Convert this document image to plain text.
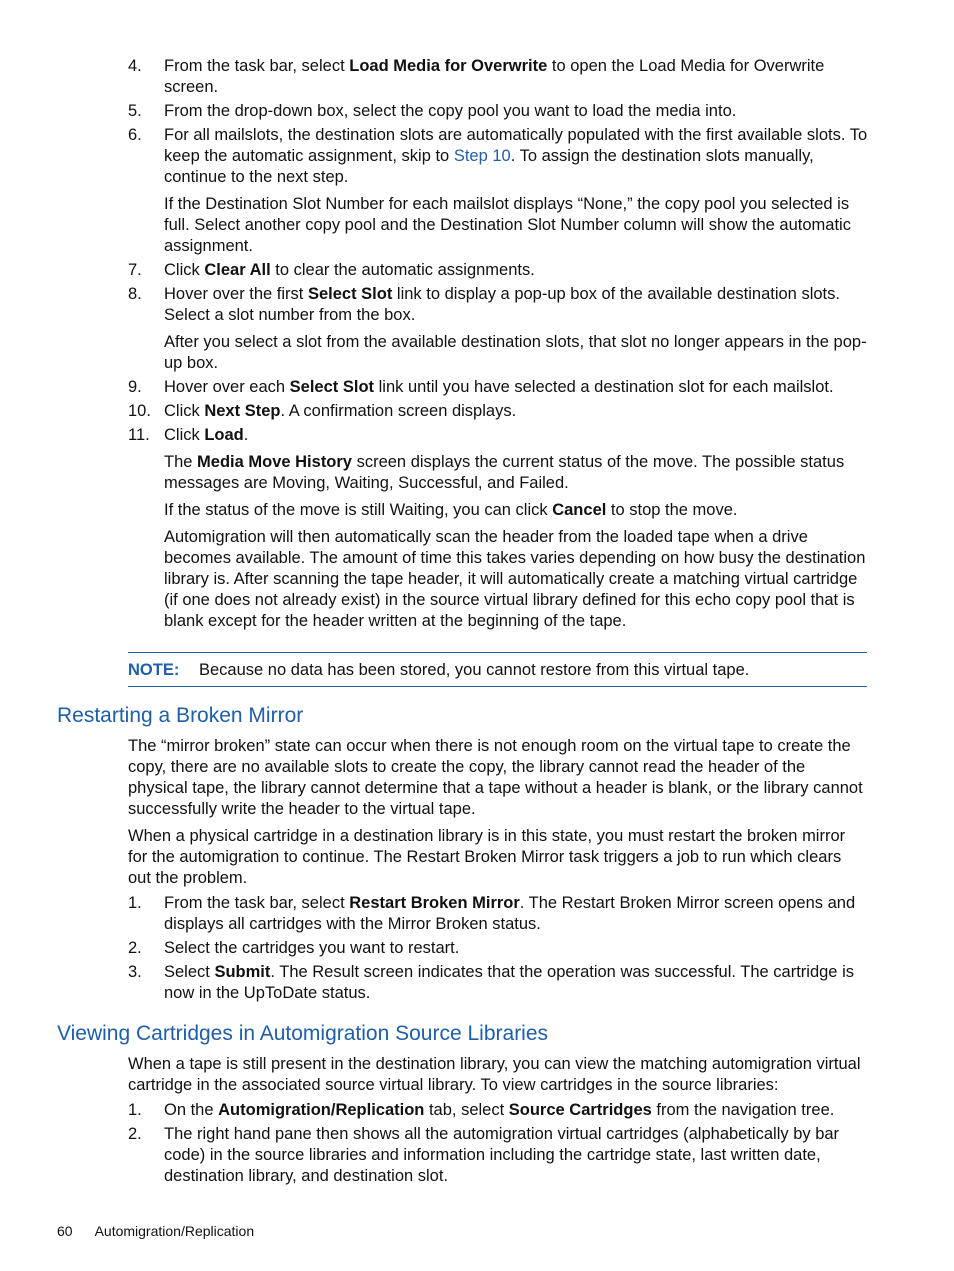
4.	From the task bar, select Load Media for Overwrite to open the Load Media for Overwrite screen.
5.	From the drop-down box, select the copy pool you want to load the media into.
6.	For all mailslots, the destination slots are automatically populated with the first available slots. To keep the automatic assignment, skip to Step 10. To assign the destination slots manually, continue to the next step.
If the Destination Slot Number for each mailslot displays “None,” the copy pool you selected is full. Select another copy pool and the Destination Slot Number column will show the automatic assignment.
7.	Click Clear All to clear the automatic assignments.
8.	Hover over the first Select Slot link to display a pop-up box of the available destination slots. Select a slot number from the box.
After you select a slot from the available destination slots, that slot no longer appears in the pop-up box.
9.	Hover over each Select Slot link until you have selected a destination slot for each mailslot.
10. Click Next Step. A confirmation screen displays.
11. Click Load.
The Media Move History screen displays the current status of the move. The possible status messages are Moving, Waiting, Successful, and Failed.
If the status of the move is still Waiting, you can click Cancel to stop the move.
Automigration will then automatically scan the header from the loaded tape when a drive becomes available. The amount of time this takes varies depending on how busy the destination library is. After scanning the tape header, it will automatically create a matching virtual cartridge (if one does not already exist) in the source virtual library defined for this echo copy pool that is blank except for the header written at the beginning of the tape.
NOTE: Because no data has been stored, you cannot restore from this virtual tape.
Restarting a Broken Mirror

The “mirror broken” state can occur when there is not enough room on the virtual tape to create the copy, there are no available slots to create the copy, the library cannot read the header of the physical tape, the library cannot determine that a tape without a header is blank, or the library cannot successfully write the header to the virtual tape.

When a physical cartridge in a destination library is in this state, you must restart the broken mirror for the automigration to continue. The Restart Broken Mirror task triggers a job to run which clears out the problem.

1.	From the task bar, select Restart Broken Mirror. The Restart Broken Mirror screen opens and displays all cartridges with the Mirror Broken status.
2.	Select the cartridges you want to restart.
3.	Select Submit. The Result screen indicates that the operation was successful. The cartridge is now in the UpToDate status.
Viewing Cartridges in Automigration Source Libraries

When a tape is still present in the destination library, you can view the matching automigration virtual cartridge in the associated source virtual library. To view cartridges in the source libraries:

1.	On the Automigration/Replication tab, select Source Cartridges from the navigation tree.
2.	The right hand pane then shows all the automigration virtual cartridges (alphabetically by bar code) in the source libraries and information including the cartridge state, last written date, destination library, and destination slot.
60 Automigration/Replication
